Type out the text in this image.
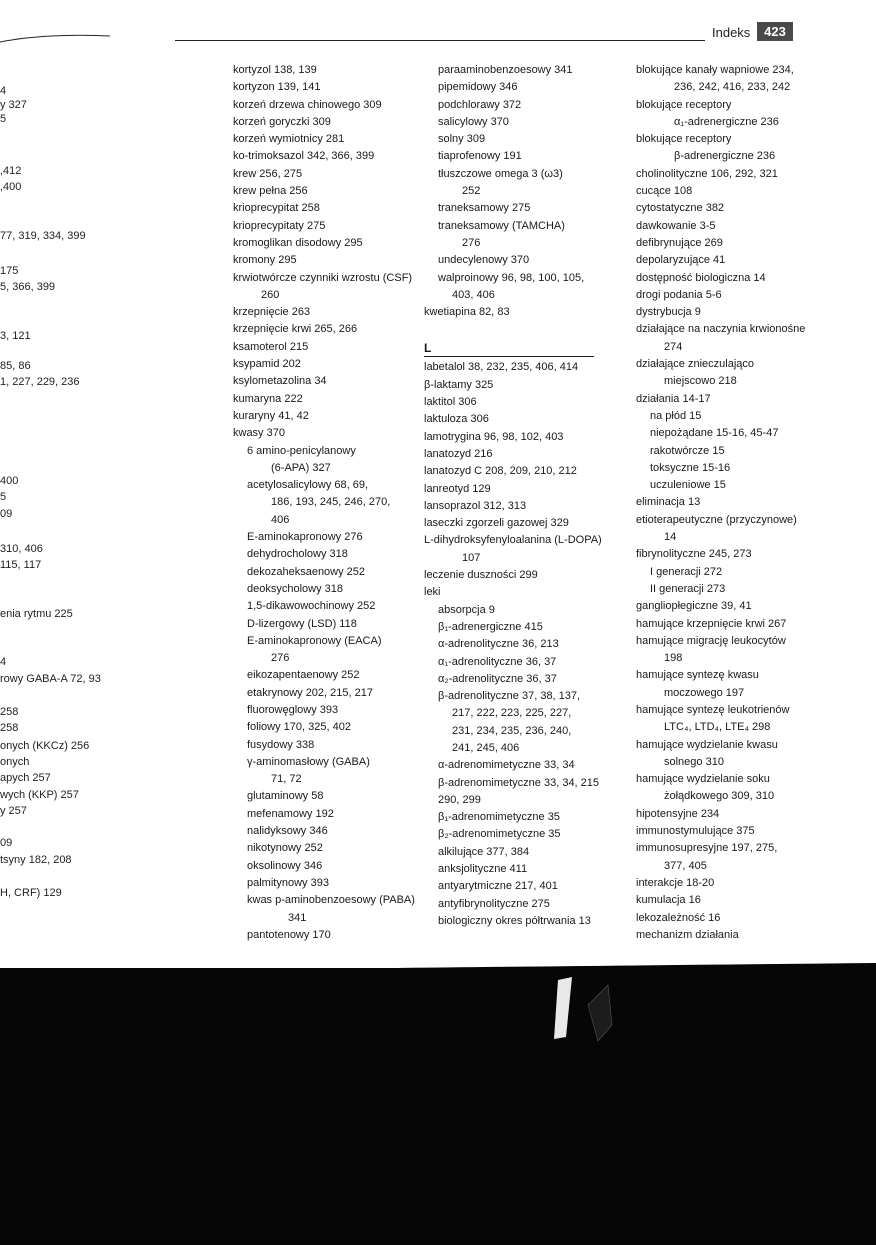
Indeks	423
4
y 327
5
,412
,400
77, 319, 334, 399
175
5, 366, 399
3, 121
85, 86
1, 227, 229, 236
400
5
09
310, 406
115, 117
enia rytmu 225
4
rowy GABA-A 72, 93
258
258
onych (KKCz) 256
onych
apych 257
wych (KKP) 257
y 257
09
tsyny 182, 208
H, CRF) 129
kortyzol 138, 139
kortyzon 139, 141
korzeń drzewa chinowego 309
korzeń goryczki 309
korzeń wymiotnicy 281
ko-trimoksazol 342, 366, 399
krew 256, 275
krew pełna 256
krioprecypitat 258
krioprecypitaty 275
kromoglikan disodowy 295
kromony 295
krwiotwórcze czynniki wzrostu (CSF)
260
krzepnięcie 263
krzepnięcie krwi 265, 266
ksamoterol 215
ksypamid 202
ksylometazolina 34
kumaryna 222
kuraryny 41, 42
kwasy 370
6 amino-penicylanowy
(6-APA) 327
acetylosalicylowy 68, 69,
186, 193, 245, 246, 270,
406
E-aminokapronowy 276
dehydrocholowy 318
dekozaheksaenowy 252
deoksycholowy 318
1,5-dikawowochinowy 252
D-lizergowy (LSD) 118
E-aminokapronowy (EACA)
276
eikozapentaenowy 252
etakrynowy 202, 215, 217
fluorowęglowy 393
foliowy 170, 325, 402
fusydowy 338
γ-aminomasłowy (GABA)
71, 72
glutaminowy 58
mefenamowy 192
nalidyksowy 346
nikotynowy 252
oksolinowy 346
palmitynowy 393
kwas p-aminobenzoesowy (PABA)
341
pantotenowy 170
paraaminobenzoesowy 341
pipemidowy 346
podchlorawy 372
salicylowy 370
solny 309
tiaprofenowy 191
tłuszczowe omega 3 (ω3)
252
traneksamowy 275
traneksamowy (TAMCHA)
276
undecylenowy 370
walproinowy 96, 98, 100, 105,
403, 406
kwetiapina 82, 83
L
labetalol 38, 232, 235, 406, 414
β-laktamy 325
laktitol 306
laktuloza 306
lamotrygina 96, 98, 102, 403
lanatozyd 216
lanatozyd C 208, 209, 210, 212
lanreotyd 129
lansoprazol 312, 313
laseczki zgorzeli gazowej 329
L-dihydroksyfenyloalanina (L-DOPA)
107
leczenie duszności 299
leki
absorpcja 9
β₁-adrenergiczne 415
α-adrenolityczne 36, 213
α₁-adrenolityczne 36, 37
α₂-adrenolityczne 36, 37
β-adrenolityczne 37, 38, 137,
217, 222, 223, 225, 227,
231, 234, 235, 236, 240,
241, 245, 406
α-adrenomimetyczne 33, 34
β-adrenomimetyczne 33, 34, 215
290, 299
β₁-adrenomimetyczne 35
β₂-adrenomimetyczne 35
alkilujące 377, 384
anksjolityczne 411
antyarytmiczne 217, 401
antyfibrynolityczne 275
biologiczny okres półtrwania 13
blokujące kanały wapniowe 234,
236, 242, 416, 233, 242
blokujące receptory
α₁-adrenergiczne 236
blokujące receptory
β-adrenergiczne 236
cholinolityczne 106, 292, 321
cucące 108
cytostatyczne 382
dawkowanie 3-5
defibrynujące 269
depolaryzujące 41
dostępność biologiczna 14
drogi podania 5-6
dystrybucja 9
działające na naczynia krwionośne
274
działające znieczulająco
miejscowo 218
działania 14-17
na płód 15
niepożądane 15-16, 45-47
rakotwórcze 15
toksyczne 15-16
uczuleniowe 15
eliminacja 13
etioterapeutyczne (przyczynowe)
14
fibrynolityczne 245, 273
I generacji 272
II generacji 273
gangliopłegiczne 39, 41
hamujące krzepnięcie krwi 267
hamujące migrację leukocytów
198
hamujące syntezę kwasu
moczowego 197
hamujące syntezę leukotrienów
LTC₄, LTD₄, LTE₄ 298
hamujące wydzielanie kwasu
solnego 310
hamujące wydzielanie soku
żołądkowego 309, 310
hipotensyjne 234
immunostymulujące 375
immunosupresyjne 197, 275,
377, 405
interakcje 18-20
kumulacja 16
lekozależność 16
mechanizm działania
